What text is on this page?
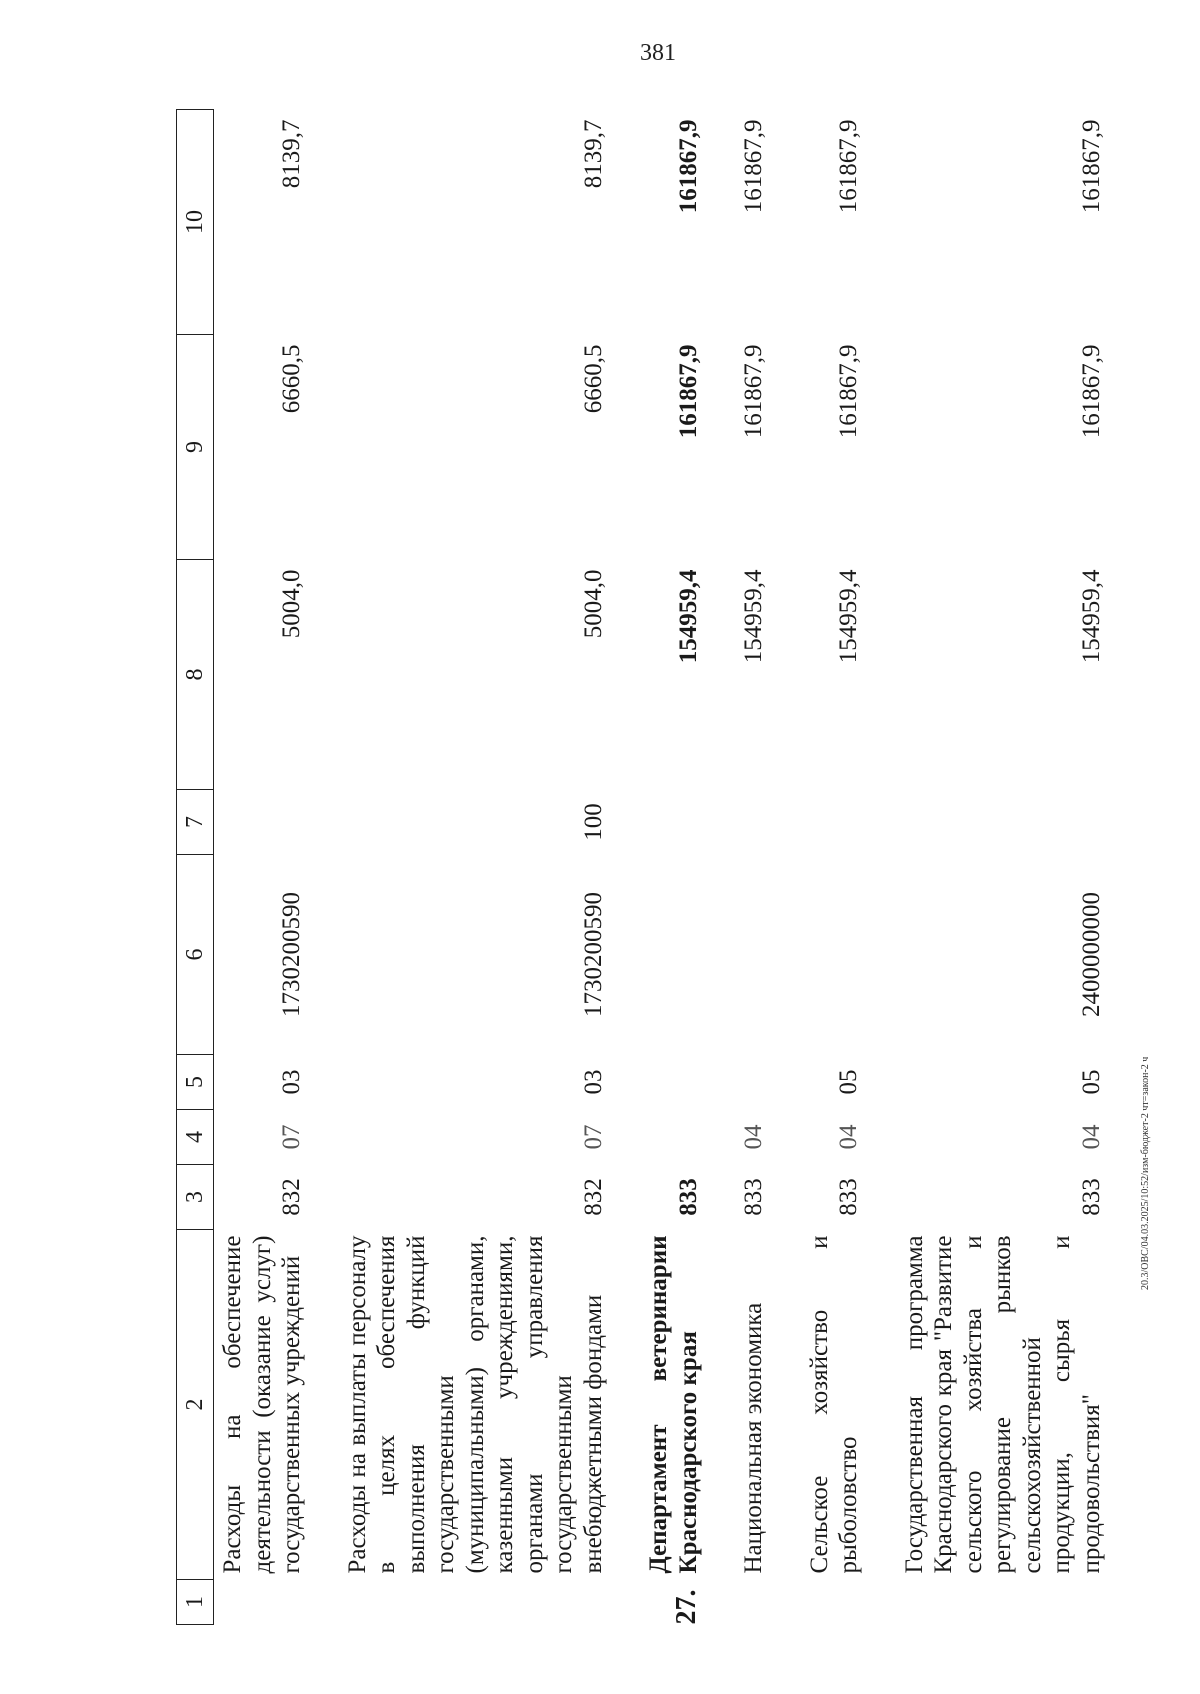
381
20.3/OBC/04.03.2025/10:52/изм-бюджет-2 чт=закон-2 ч
1	2	3	4	5	6	7	8	9	10
	Расходы на обеспечение деятельности (оказание услуг) государственных учреждений	832	07	03	1730200590		5004,0	6660,5	8139,7
	Расходы на выплаты персоналу в целях обеспечения выполнения функций государственными (муниципальными) органами, казенными учреждениями, органами управления государственными внебюджетными фондами	832	07	03	1730200590	100	5004,0	6660,5	8139,7
27.	Департамент ветеринарии Краснодарского края	833					154959,4	161867,9	161867,9
	Национальная экономика	833	04				154959,4	161867,9	161867,9
	Сельское хозяйство и рыболовство	833	04	05			154959,4	161867,9	161867,9
	Государственная программа Краснодарского края "Развитие сельского хозяйства и регулирование рынков сельскохозяйственной продукции, сырья и продовольствия"	833	04	05	2400000000		154959,4	161867,9	161867,9
